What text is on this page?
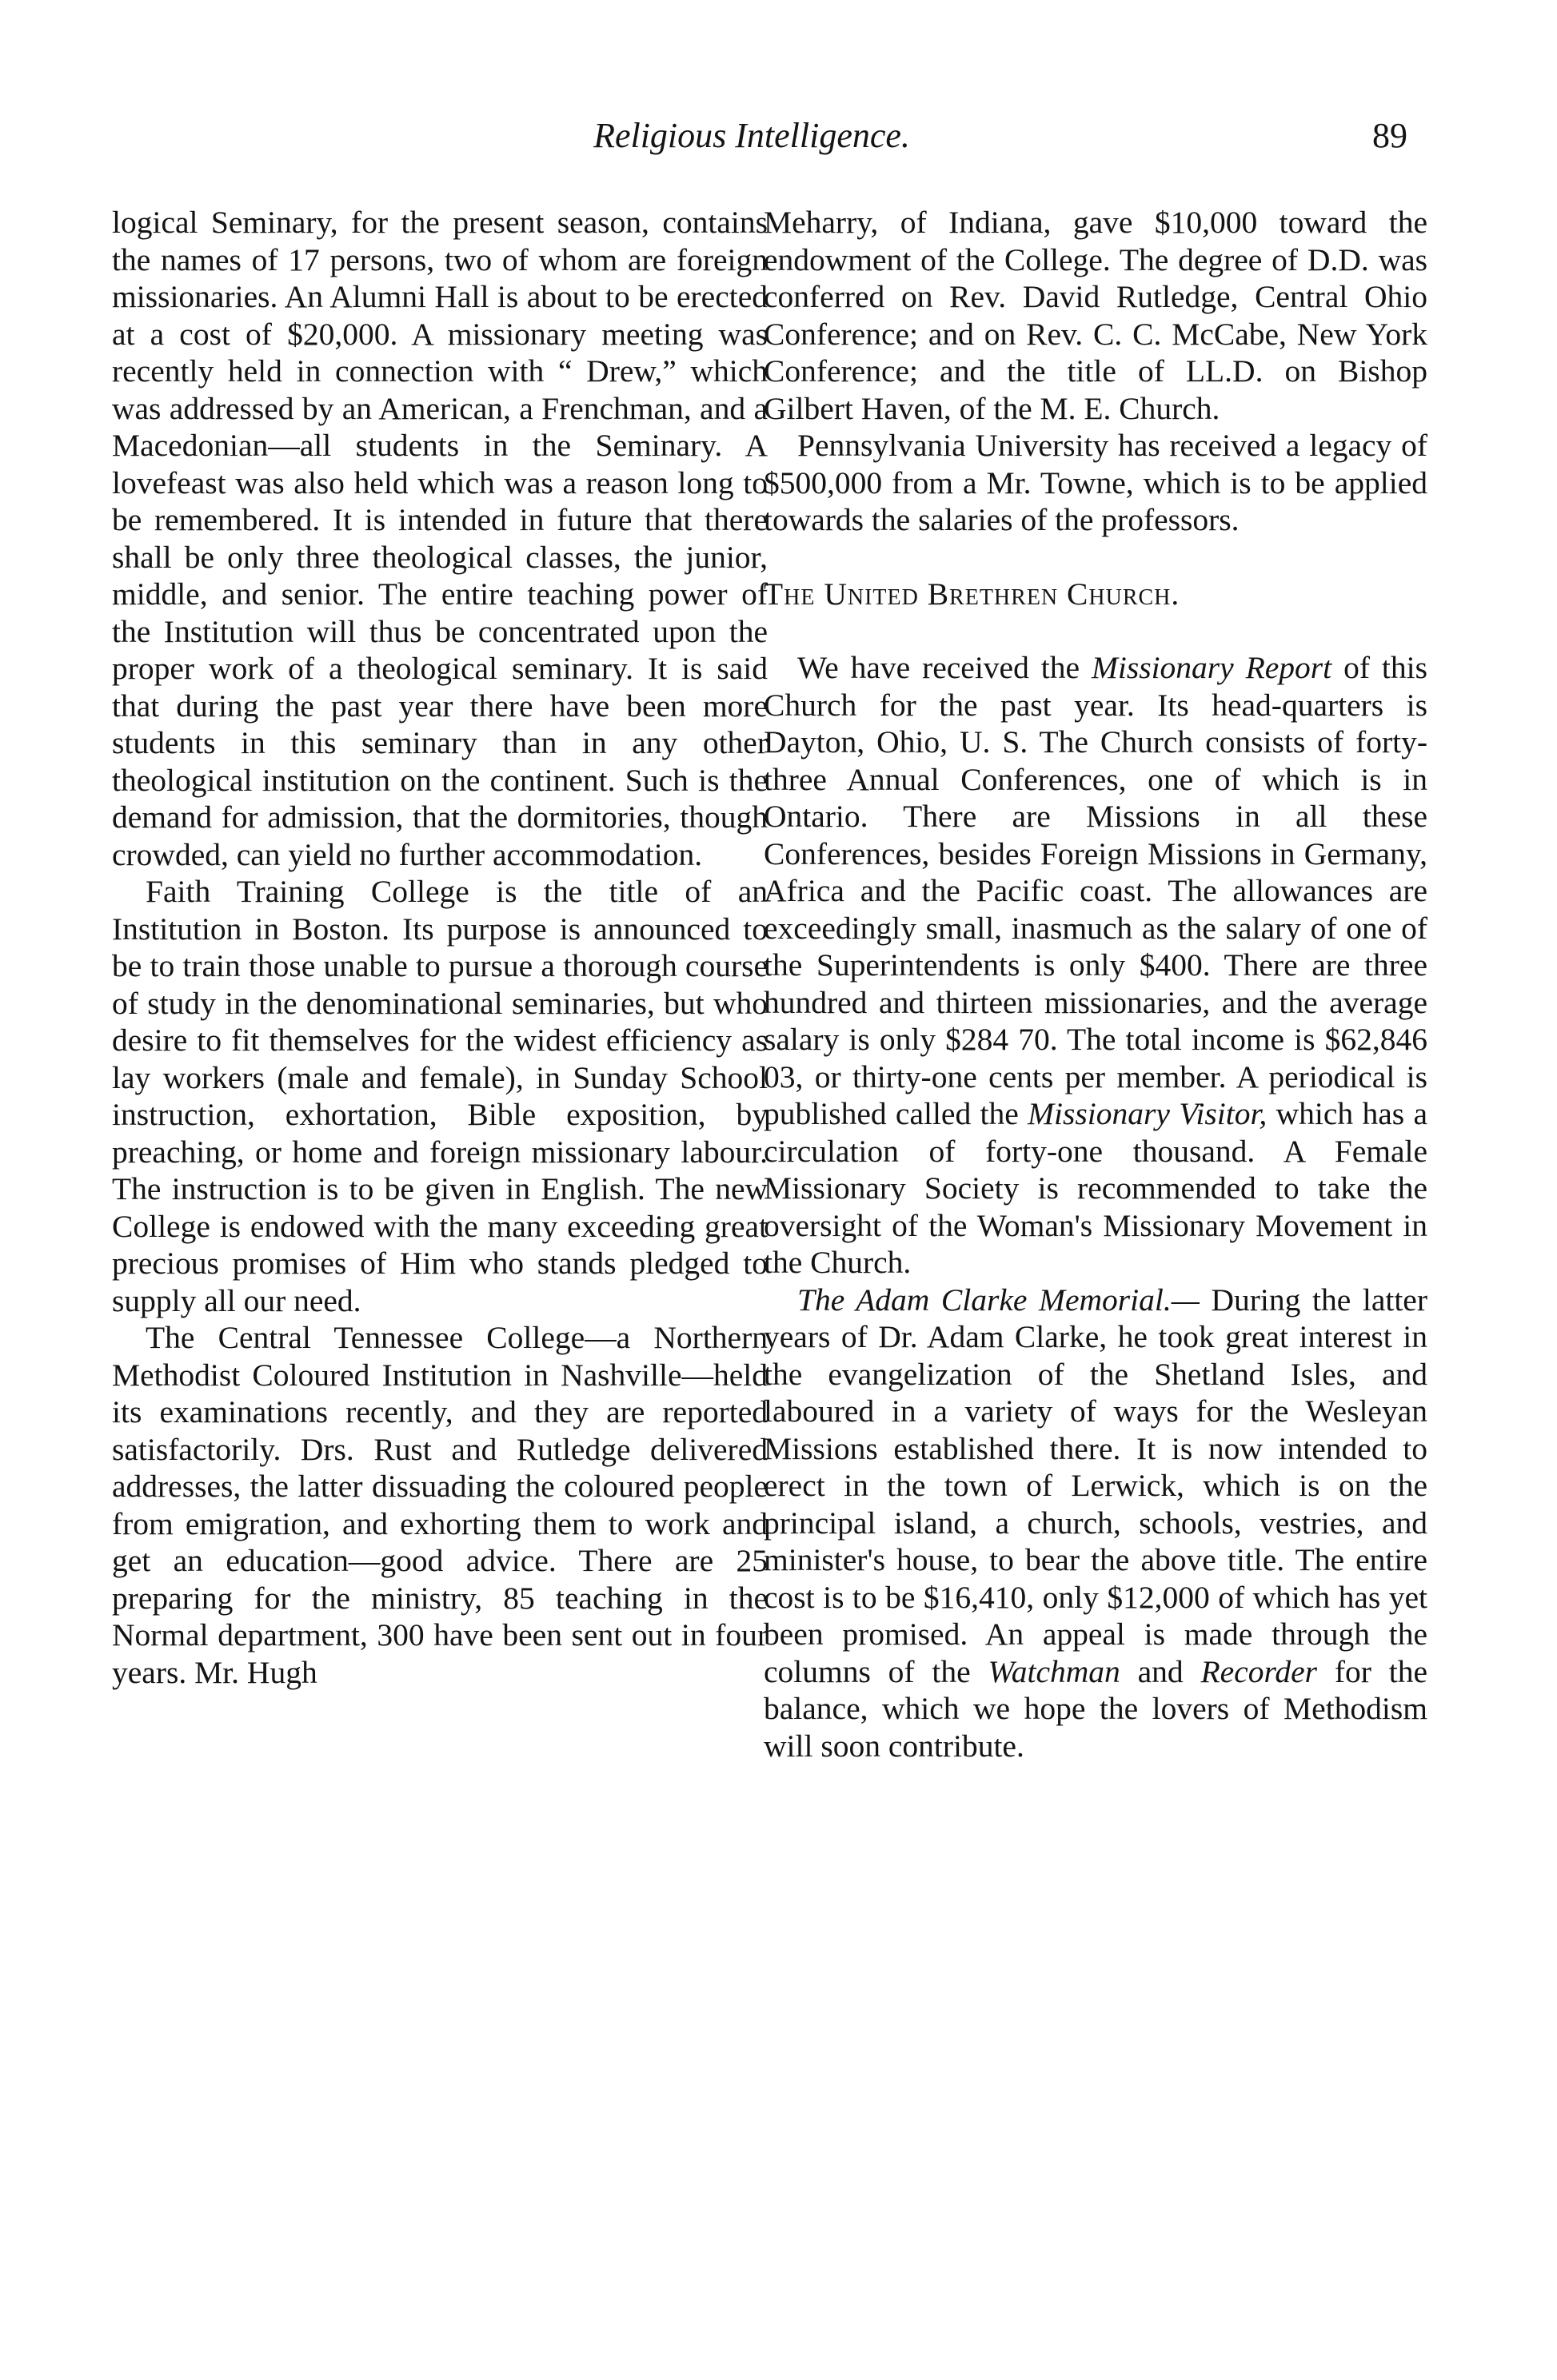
Religious Intelligence.	89

logical Seminary, for the present season, contains the names of 17 persons, two of whom are foreign missionaries. An Alumni Hall is about to be erected at a cost of $20,000. A missionary meeting was recently held in connection with “ Drew,” which was addressed by an American, a Frenchman, and a Macedonian—all students in the Seminary. A lovefeast was also held which was a reason long to be remembered. It is intended in future that there shall be only three theological classes, the junior, middle, and senior. The entire teaching power of the Institution will thus be concentrated upon the proper work of a theological seminary. It is said that during the past year there have been more students in this seminary than in any other theological institution on the continent. Such is the demand for admission, that the dormitories, though crowded, can yield no further accommodation.

Faith Training College is the title of an Institution in Boston. Its purpose is announced to be to train those unable to pursue a thorough course of study in the denominational seminaries, but who desire to fit themselves for the widest efficiency as lay workers (male and female), in Sunday School instruction, exhortation, Bible exposition, by preaching, or home and foreign missionary labour. The instruction is to be given in English. The new College is endowed with the many exceeding great precious promises of Him who stands pledged to supply all our need.

The Central Tennessee College—a Northern Methodist Coloured Institution in Nashville—held its examinations recently, and they are reported satisfactorily. Drs. Rust and Rutledge delivered addresses, the latter dissuading the coloured people from emigration, and exhorting them to work and get an education—good advice. There are 25 preparing for the ministry, 85 teaching in the Normal department, 300 have been sent out in four years. Mr. Hugh

Meharry, of Indiana, gave $10,000 toward the endowment of the College. The degree of D.D. was conferred on Rev. David Rutledge, Central Ohio Conference; and on Rev. C. C. McCabe, New York Conference; and the title of LL.D. on Bishop Gilbert Haven, of the M. E. Church.

Pennsylvania University has received a legacy of $500,000 from a Mr. Towne, which is to be applied towards the salaries of the professors.

The United Brethren Church.

We have received the Missionary Report of this Church for the past year. Its head-quarters is Dayton, Ohio, U. S. The Church consists of forty-three Annual Conferences, one of which is in Ontario. There are Missions in all these Conferences, besides Foreign Missions in Germany, Africa and the Pacific coast. The allowances are exceedingly small, inasmuch as the salary of one of the Superintendents is only $400. There are three hundred and thirteen missionaries, and the average salary is only $284 70. The total income is $62,846 03, or thirty-one cents per member. A periodical is published called the Missionary Visitor, which has a circulation of forty-one thousand. A Female Missionary Society is recommended to take the oversight of the Woman's Missionary Movement in the Church.

The Adam Clarke Memorial.— During the latter years of Dr. Adam Clarke, he took great interest in the evangelization of the Shetland Isles, and laboured in a variety of ways for the Wesleyan Missions established there. It is now intended to erect in the town of Lerwick, which is on the principal island, a church, schools, vestries, and minister's house, to bear the above title. The entire cost is to be $16,410, only $12,000 of which has yet been promised. An appeal is made through the columns of the Watchman and Recorder for the balance, which we hope the lovers of Methodism will soon contribute.
